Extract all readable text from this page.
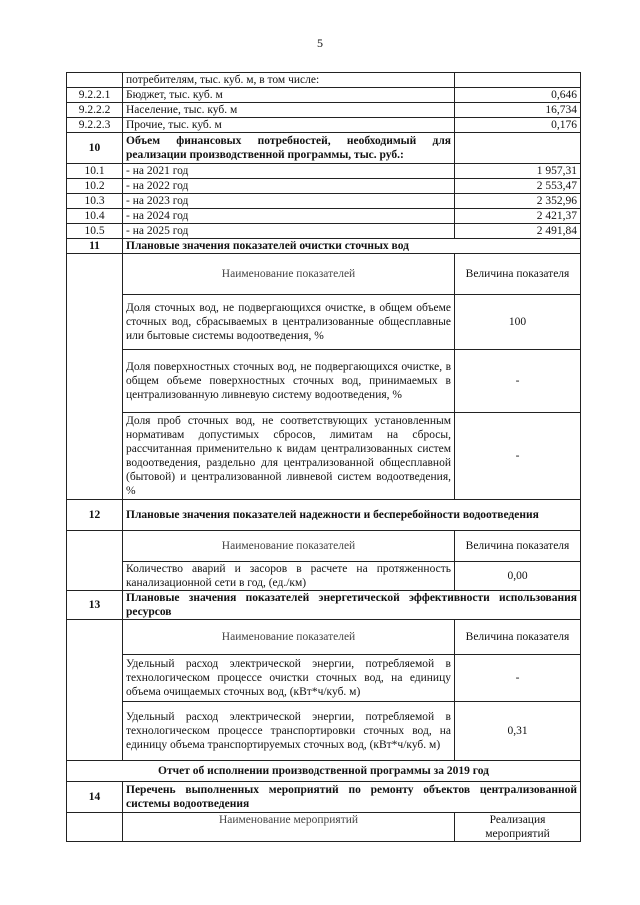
5
	потребителям, тыс. куб. м, в том числе:	
9.2.2.1	Бюджет, тыс. куб. м	0,646
9.2.2.2	Население, тыс. куб. м	16,734
9.2.2.3	Прочие, тыс. куб. м	0,176
10	Объем финансовых потребностей, необходимый для реализации производственной программы, тыс. руб.:	
10.1	- на 2021 год	1 957,31
10.2	- на 2022 год	2 553,47
10.3	- на 2023 год	2 352,96
10.4	- на 2024 год	2 421,37
10.5	- на 2025 год	2 491,84
11	Плановые значения показателей очистки сточных вод	
	Наименование показателей	Величина показателя
	Доля сточных вод, не подвергающихся очистке, в общем объеме сточных вод, сбрасываемых в централизованные общесплавные или бытовые системы водоотведения, %	100
	Доля поверхностных сточных вод, не подвергающихся очистке, в общем объеме поверхностных сточных вод, принимаемых в централизованную ливневую систему водоотведения, %	-
	Доля проб сточных вод, не соответствующих установленным нормативам допустимых сбросов, лимитам на сбросы, рассчитанная применительно к видам централизованных систем водоотведения, раздельно для централизованной общесплавной (бытовой) и централизованной ливневой систем водоотведения, %	-
12	Плановые значения показателей надежности и бесперебойности водоотведения	
	Наименование показателей	Величина показателя
	Количество аварий и засоров в расчете на протяженность канализационной сети в год, (ед./км)	0,00
13	Плановые значения показателей энергетической эффективности использования ресурсов	
	Наименование показателей	Величина показателя
	Удельный расход электрической энергии, потребляемой в технологическом процессе очистки сточных вод, на единицу объема очищаемых сточных вод, (кВт*ч/куб. м)	-
	Удельный расход электрической энергии, потребляемой в технологическом процессе транспортировки сточных вод, на единицу объема транспортируемых сточных вод, (кВт*ч/куб. м)	0,31
Отчет об исполнении производственной программы за 2019 год		
14	Перечень выполненных мероприятий по ремонту объектов централизованной системы водоотведения	
	Наименование мероприятий	Реализация мероприятий
